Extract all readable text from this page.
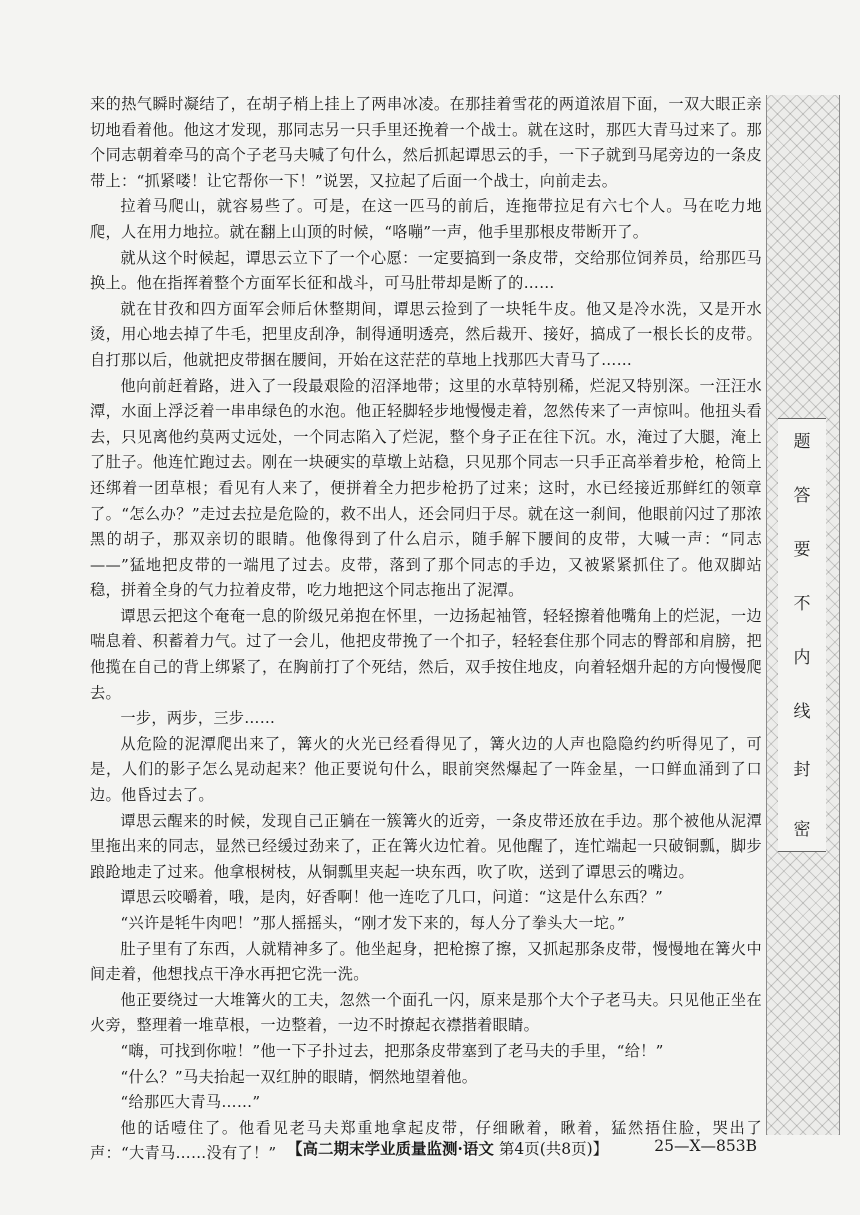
来的热气瞬时凝结了，在胡子梢上挂上了两串冰凌。在那挂着雪花的两道浓眉下面，一双大眼正亲切地看着他。他这才发现，那同志另一只手里还挽着一个战士。就在这时，那匹大青马过来了。那个同志朝着牵马的高个子老马夫喊了句什么，然后抓起谭思云的手，一下子就到马尾旁边的一条皮带上：“抓紧喽！让它帮你一下！”说罢，又拉起了后面一个战士，向前走去。

拉着马爬山，就容易些了。可是，在这一匹马的前后，连拖带拉足有六七个人。马在吃力地爬，人在用力地拉。就在翻上山顶的时候，“咯嘣”一声，他手里那根皮带断开了。

就从这个时候起，谭思云立下了一个心愿：一定要搞到一条皮带，交给那位饲养员，给那匹马换上。他在指挥着整个方面军长征和战斗，可马肚带却是断了的……

就在甘孜和四方面军会师后休整期间，谭思云捡到了一块牦牛皮。他又是冷水洗，又是开水烫，用心地去掉了牛毛，把里皮刮净，制得通明透亮，然后裁开、接好，搞成了一根长长的皮带。自打那以后，他就把皮带捆在腰间，开始在这茫茫的草地上找那匹大青马了……

他向前赶着路，进入了一段最艰险的沼泽地带；这里的水草特别稀，烂泥又特别深。一汪汪水潭，水面上浮泛着一串串绿色的水泡。他正轻脚轻步地慢慢走着，忽然传来了一声惊叫。他扭头看去，只见离他约莫两丈远处，一个同志陷入了烂泥，整个身子正在往下沉。水，淹过了大腿，淹上了肚子。他连忙跑过去。刚在一块硬实的草墩上站稳，只见那个同志一只手正高举着步枪，枪筒上还绑着一团草根；看见有人来了，便拼着全力把步枪扔了过来；这时，水已经接近那鲜红的领章了。“怎么办？”走过去拉是危险的，救不出人，还会同归于尽。就在这一刹间，他眼前闪过了那浓黑的胡子，那双亲切的眼睛。他像得到了什么启示，随手解下腰间的皮带，大喊一声：“同志——”猛地把皮带的一端甩了过去。皮带，落到了那个同志的手边，又被紧紧抓住了。他双脚站稳，拼着全身的气力拉着皮带，吃力地把这个同志拖出了泥潭。

谭思云把这个奄奄一息的阶级兄弟抱在怀里，一边扬起袖管，轻轻擦着他嘴角上的烂泥，一边喘息着、积蓄着力气。过了一会儿，他把皮带挽了一个扣子，轻轻套住那个同志的臀部和肩膀，把他揽在自己的背上绑紧了，在胸前打了个死结，然后，双手按住地皮，向着轻烟升起的方向慢慢爬去。

一步，两步，三步……

从危险的泥潭爬出来了，篝火的火光已经看得见了，篝火边的人声也隐隐约约听得见了，可是，人们的影子怎么晃动起来？他正要说句什么，眼前突然爆起了一阵金星，一口鲜血涌到了口边。他昏过去了。

谭思云醒来的时候，发现自己正躺在一簇篝火的近旁，一条皮带还放在手边。那个被他从泥潭里拖出来的同志，显然已经缓过劲来了，正在篝火边忙着。见他醒了，连忙端起一只破铜瓢，脚步踉跄地走了过来。他拿根树枝，从铜瓢里夹起一块东西，吹了吹，送到了谭思云的嘴边。

谭思云咬嚼着，哦，是肉，好香啊！他一连吃了几口，问道：“这是什么东西？”

“兴许是牦牛肉吧！”那人摇摇头，“刚才发下来的，每人分了拳头大一坨。”

肚子里有了东西，人就精神多了。他坐起身，把枪擦了擦，又抓起那条皮带，慢慢地在篝火中间走着，他想找点干净水再把它洗一洗。

他正要绕过一大堆篝火的工夫，忽然一个面孔一闪，原来是那个大个子老马夫。只见他正坐在火旁，整理着一堆草根，一边整着，一边不时撩起衣襟揩着眼睛。

“嗨，可找到你啦！”他一下子扑过去，把那条皮带塞到了老马夫的手里，“给！”

“什么？”马夫抬起一双红肿的眼睛，惘然地望着他。

“给那匹大青马……”

他的话噎住了。他看见老马夫郑重地拿起皮带，仔细瞅着，瞅着，猛然捂住脸，哭出了声：“大青马……没有了！”

题
答
要
不
内
线
封
密
【高二期末学业质量监测·语文 第4页(共8页)】	25—X—853B
